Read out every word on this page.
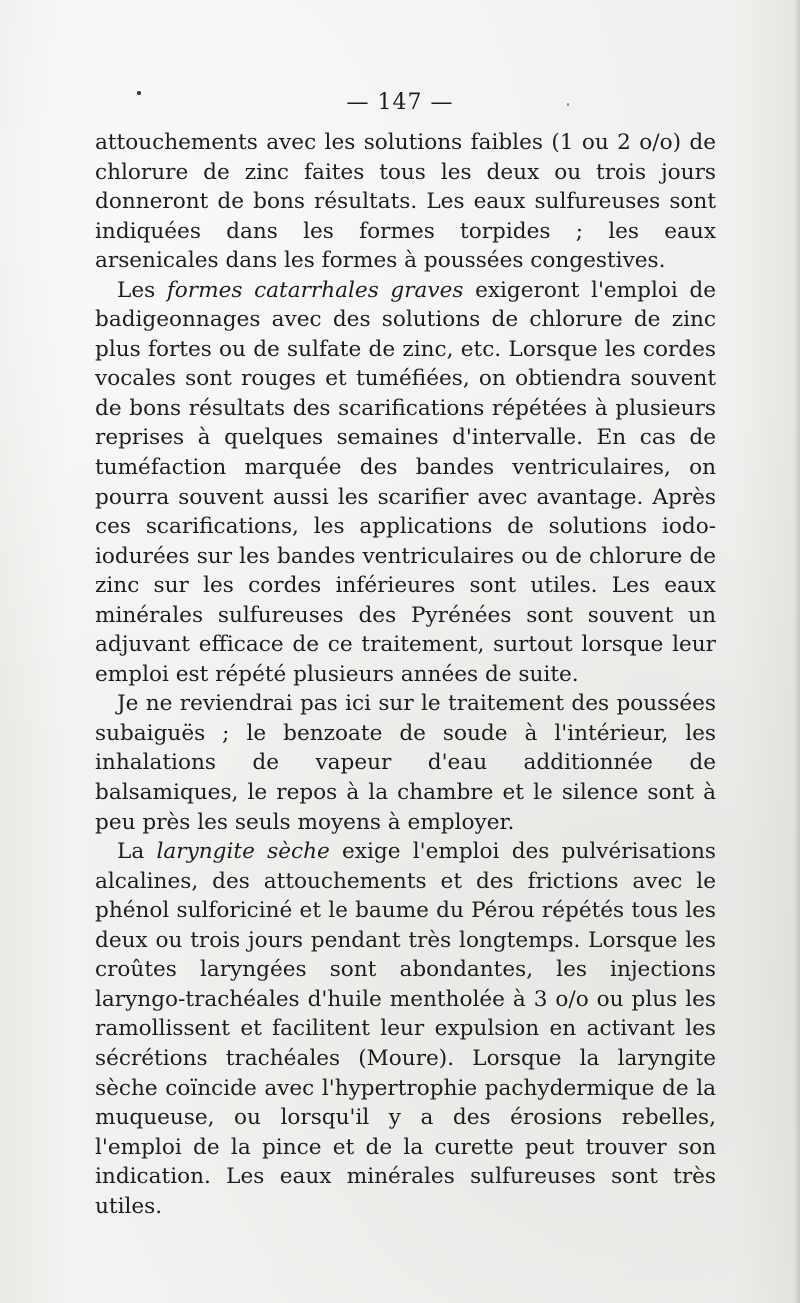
— 147 —

attouchements avec les solutions faibles (1 ou 2 o/o) de chlorure de zinc faites tous les deux ou trois jours donneront de bons résultats. Les eaux sulfureuses sont indiquées dans les formes torpides ; les eaux arsenicales dans les formes à poussées congestives.

Les formes catarrhales graves exigeront l'emploi de badigeonnages avec des solutions de chlorure de zinc plus fortes ou de sulfate de zinc, etc. Lorsque les cordes vocales sont rouges et tuméfiées, on obtiendra souvent de bons résultats des scarifications répétées à plusieurs reprises à quelques semaines d'intervalle. En cas de tuméfaction marquée des bandes ventriculaires, on pourra souvent aussi les scarifier avec avantage. Après ces scarifications, les applications de solutions iodo-iodurées sur les bandes ventriculaires ou de chlorure de zinc sur les cordes inférieures sont utiles. Les eaux minérales sulfureuses des Pyrénées sont souvent un adjuvant efficace de ce traitement, surtout lorsque leur emploi est répété plusieurs années de suite.

Je ne reviendrai pas ici sur le traitement des poussées subaiguës ; le benzoate de soude à l'intérieur, les inhalations de vapeur d'eau additionnée de balsamiques, le repos à la chambre et le silence sont à peu près les seuls moyens à employer.

La laryngite sèche exige l'emploi des pulvérisations alcalines, des attouchements et des frictions avec le phénol sulforiciné et le baume du Pérou répétés tous les deux ou trois jours pendant très longtemps. Lorsque les croûtes laryngées sont abondantes, les injections laryngo-trachéales d'huile mentholée à 3 o/o ou plus les ramollissent et facilitent leur expulsion en activant les sécrétions trachéales (Moure). Lorsque la laryngite sèche coïncide avec l'hypertrophie pachydermique de la muqueuse, ou lorsqu'il y a des érosions rebelles, l'emploi de la pince et de la curette peut trouver son indication. Les eaux minérales sulfureuses sont très utiles.
